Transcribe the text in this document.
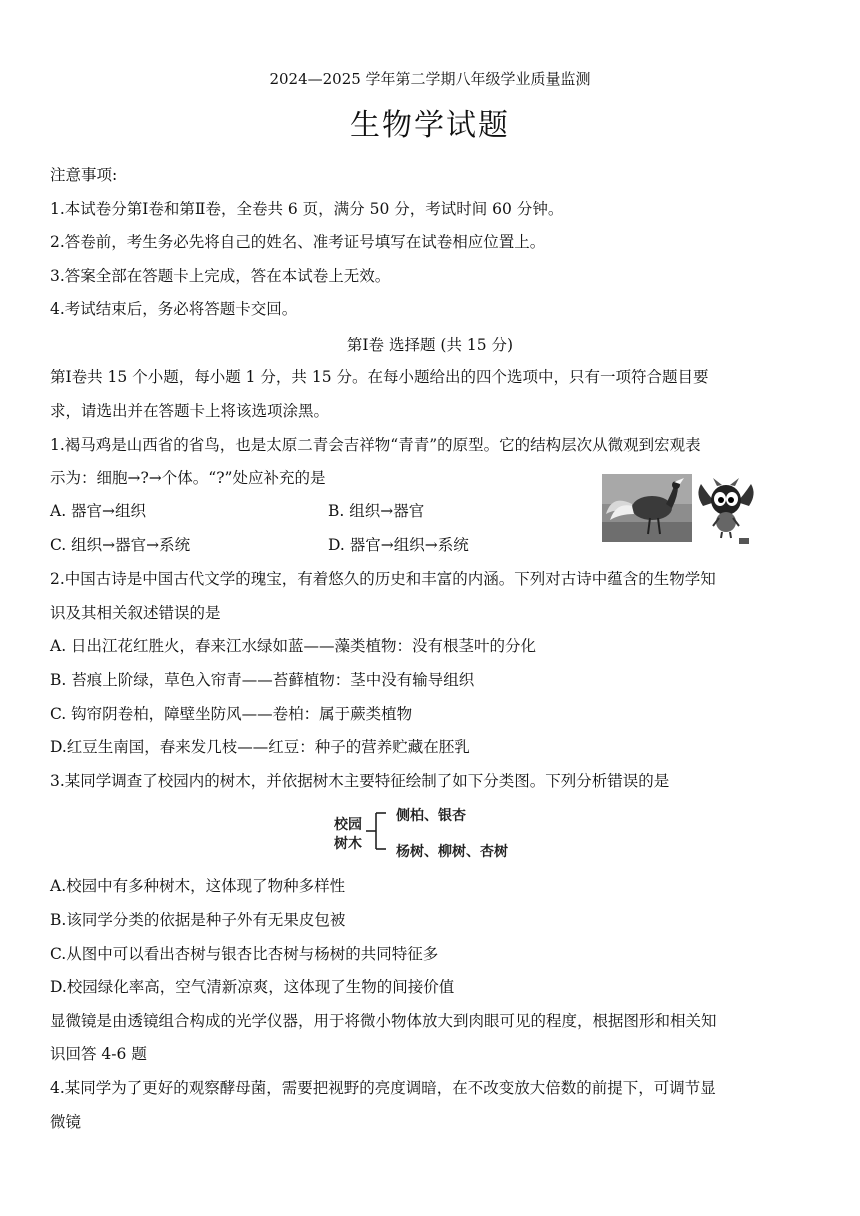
2024—2025 学年第二学期八年级学业质量监测
生物学试题
注意事项:
1.本试卷分第Ⅰ卷和第Ⅱ卷，全卷共 6 页，满分 50 分，考试时间 60 分钟。
2.答卷前，考生务必先将自己的姓名、准考证号填写在试卷相应位置上。
3.答案全部在答题卡上完成，答在本试卷上无效。
4.考试结束后，务必将答题卡交回。
第Ⅰ卷 选择题 (共 15 分)
第Ⅰ卷共 15 个小题，每小题 1 分，共 15 分。在每小题给出的四个选项中，只有一项符合题目要
求，请选出并在答题卡上将该选项涂黑。
1.褐马鸡是山西省的省鸟，也是太原二青会吉祥物“青青”的原型。它的结构层次从微观到宏观表
示为：细胞→?→个体。“?”处应补充的是
A. 器官→组织	B. 组织→器官
C. 组织→器官→系统	D. 器官→组织→系统
2.中国古诗是中国古代文学的瑰宝，有着悠久的历史和丰富的内涵。下列对古诗中蕴含的生物学知
识及其相关叙述错误的是
A. 日出江花红胜火，春来江水绿如蓝——藻类植物：没有根茎叶的分化
B. 苔痕上阶绿，草色入帘青——苔藓植物：茎中没有输导组织
C. 钩帘阴卷柏，障壁坐防风——卷柏：属于蕨类植物
D.红豆生南国，春来发几枝——红豆：种子的营养贮藏在胚乳
3.某同学调查了校园内的树木，并依据树木主要特征绘制了如下分类图。下列分析错误的是
校园
树木
侧柏、银杏
杨树、柳树、杏树
A.校园中有多种树木，这体现了物种多样性
B.该同学分类的依据是种子外有无果皮包被
C.从图中可以看出杏树与银杏比杏树与杨树的共同特征多
D.校园绿化率高，空气清新凉爽，这体现了生物的间接价值
显微镜是由透镜组合构成的光学仪器，用于将微小物体放大到肉眼可见的程度，根据图形和相关知
识回答 4-6 题
4.某同学为了更好的观察酵母菌，需要把视野的亮度调暗，在不改变放大倍数的前提下，可调节显
微镜
